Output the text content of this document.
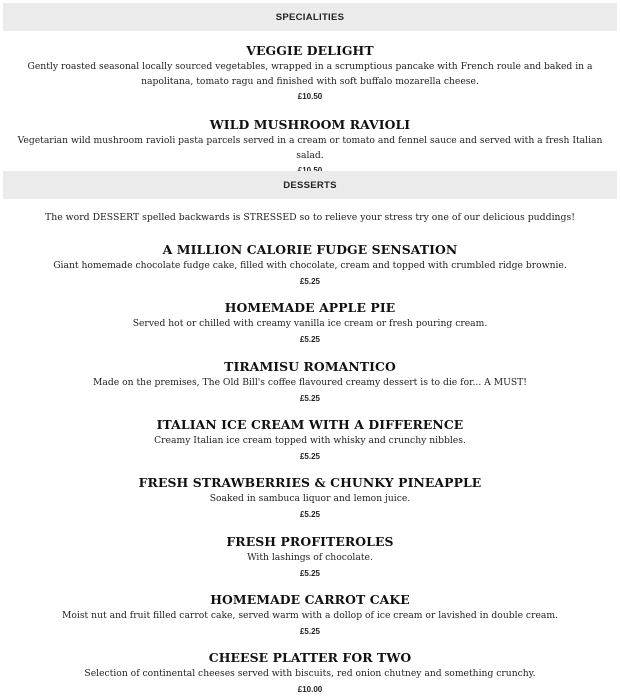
SPECIALITIES
VEGGIE DELIGHT
Gently roasted seasonal locally sourced vegetables, wrapped in a scrumptious pancake with French roule and baked in a napolitana, tomato ragu and finished with soft buffalo mozarella cheese.
£10.50
WILD MUSHROOM RAVIOLI
Vegetarian wild mushroom ravioli pasta parcels served in a cream or tomato and fennel sauce and served with a fresh Italian salad.
DESSERTS
The word DESSERT spelled backwards is STRESSED so to relieve your stress try one of our delicious puddings!
A MILLION CALORIE FUDGE SENSATION
Giant homemade chocolate fudge cake, filled with chocolate, cream and topped with crumbled ridge brownie.
£5.25
HOMEMADE APPLE PIE
Served hot or chilled with creamy vanilla ice cream or fresh pouring cream.
£5.25
TIRAMISU ROMANTICO
Made on the premises, The Old Bill's coffee flavoured creamy dessert is to die for... A MUST!
£5.25
ITALIAN ICE CREAM WITH A DIFFERENCE
Creamy Italian ice cream topped with whisky and crunchy nibbles.
£5.25
FRESH STRAWBERRIES & CHUNKY PINEAPPLE
Soaked in sambuca liquor and lemon juice.
£5.25
FRESH PROFITEROLES
With lashings of chocolate.
£5.25
HOMEMADE CARROT CAKE
Moist nut and fruit filled carrot cake, served warm with a dollop of ice cream or lavished in double cream.
£5.25
CHEESE PLATTER FOR TWO
Selection of continental cheeses served with biscuits, red onion chutney and something crunchy.
£10.00
